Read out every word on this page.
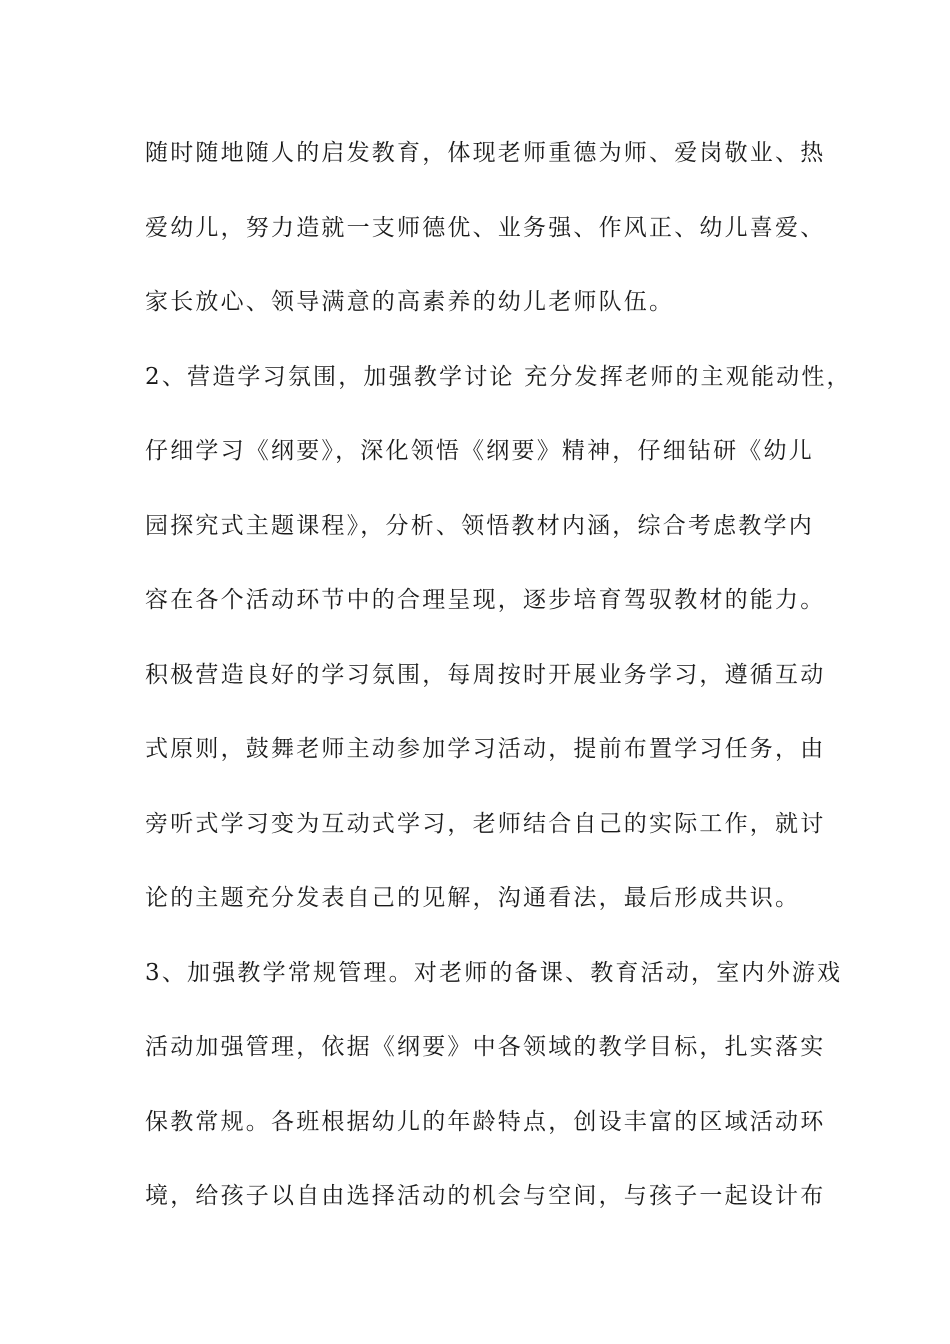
随时随地随人的启发教育，体现老师重德为师、爱岗敬业、热
爱幼儿，努力造就一支师德优、业务强、作风正、幼儿喜爱、
家长放心、领导满意的高素养的幼儿老师队伍。
2、营造学习氛围，加强教学讨论 充分发挥老师的主观能动性，
仔细学习《纲要》，深化领悟《纲要》精神，仔细钻研《幼儿
园探究式主题课程》，分析、领悟教材内涵，综合考虑教学内
容在各个活动环节中的合理呈现，逐步培育驾驭教材的能力。
积极营造良好的学习氛围，每周按时开展业务学习，遵循互动
式原则，鼓舞老师主动参加学习活动，提前布置学习任务，由
旁听式学习变为互动式学习，老师结合自己的实际工作，就讨
论的主题充分发表自己的见解，沟通看法，最后形成共识。
3、加强教学常规管理。对老师的备课、教育活动，室内外游戏
活动加强管理，依据《纲要》中各领域的教学目标，扎实落实
保教常规。各班根据幼儿的年龄特点，创设丰富的区域活动环
境，给孩子以自由选择活动的机会与空间，与孩子一起设计布
